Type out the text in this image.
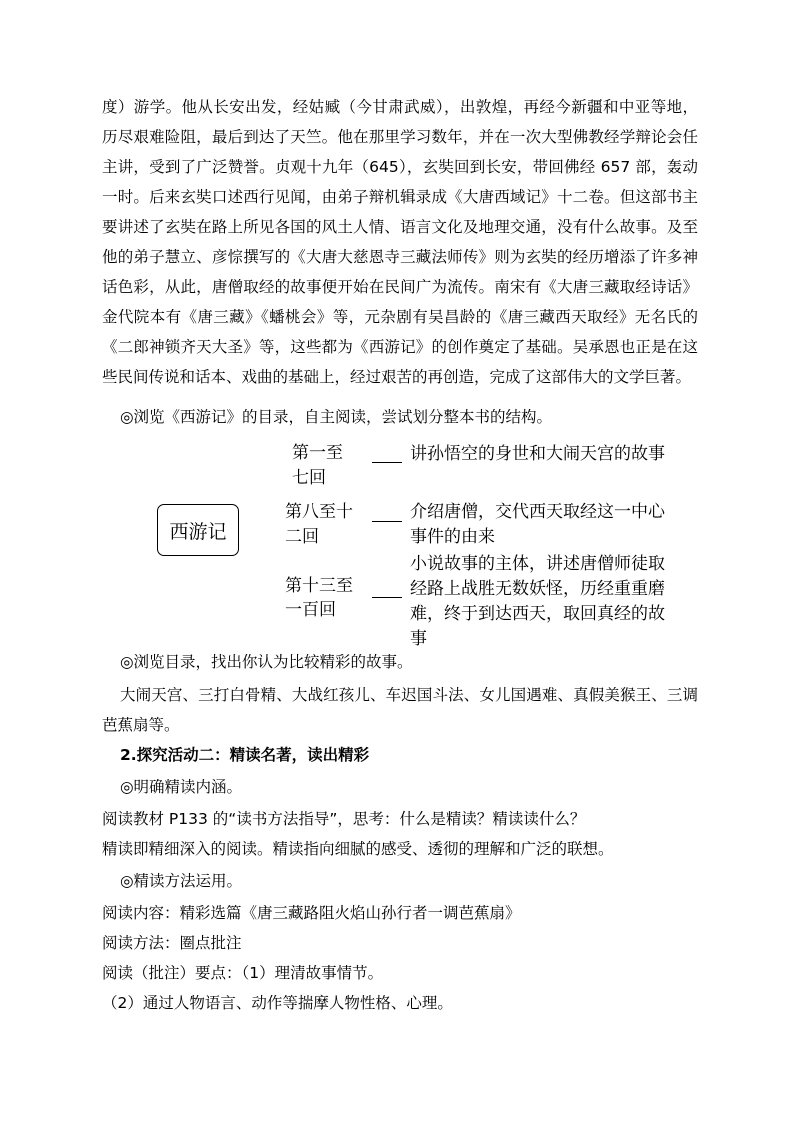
度）游学。他从长安出发，经姑臧（今甘肃武威），出敦煌，再经今新疆和中亚等地，历尽艰难险阻，最后到达了天竺。他在那里学习数年，并在一次大型佛教经学辩论会任主讲，受到了广泛赞誉。贞观十九年（645），玄奘回到长安，带回佛经 657 部，轰动一时。后来玄奘口述西行见闻，由弟子辩机辑录成《大唐西域记》十二卷。但这部书主要讲述了玄奘在路上所见各国的风土人情、语言文化及地理交通，没有什么故事。及至他的弟子慧立、彦悰撰写的《大唐大慈恩寺三藏法师传》则为玄奘的经历增添了许多神话色彩，从此，唐僧取经的故事便开始在民间广为流传。南宋有《大唐三藏取经诗话》金代院本有《唐三藏》《蟠桃会》等，元杂剧有吴昌龄的《唐三藏西天取经》无名氏的《二郎神锁齐天大圣》等，这些都为《西游记》的创作奠定了基础。吴承恩也正是在这些民间传说和话本、戏曲的基础上，经过艰苦的再创造，完成了这部伟大的文学巨著。
◎浏览《西游记》的目录，自主阅读，尝试划分整本书的结构。
西游记
第一至
七回
讲孙悟空的身世和大闹天宫的故事
第八至十
二回
介绍唐僧，交代西天取经这一中心事件的由来
第十三至
一百回
小说故事的主体，讲述唐僧师徒取经路上战胜无数妖怪，历经重重磨难，终于到达西天，取回真经的故事
◎浏览目录，找出你认为比较精彩的故事。
大闹天宫、三打白骨精、大战红孩儿、车迟国斗法、女儿国遇难、真假美猴王、三调芭蕉扇等。
2.探究活动二：精读名著，读出精彩
◎明确精读内涵。
阅读教材 P133 的“读书方法指导”，思考：什么是精读？精读读什么？
精读即精细深入的阅读。精读指向细腻的感受、透彻的理解和广泛的联想。
◎精读方法运用。
阅读内容：精彩选篇《唐三藏路阻火焰山孙行者一调芭蕉扇》
阅读方法：圈点批注
阅读（批注）要点：（1）理清故事情节。
（2）通过人物语言、动作等揣摩人物性格、心理。
